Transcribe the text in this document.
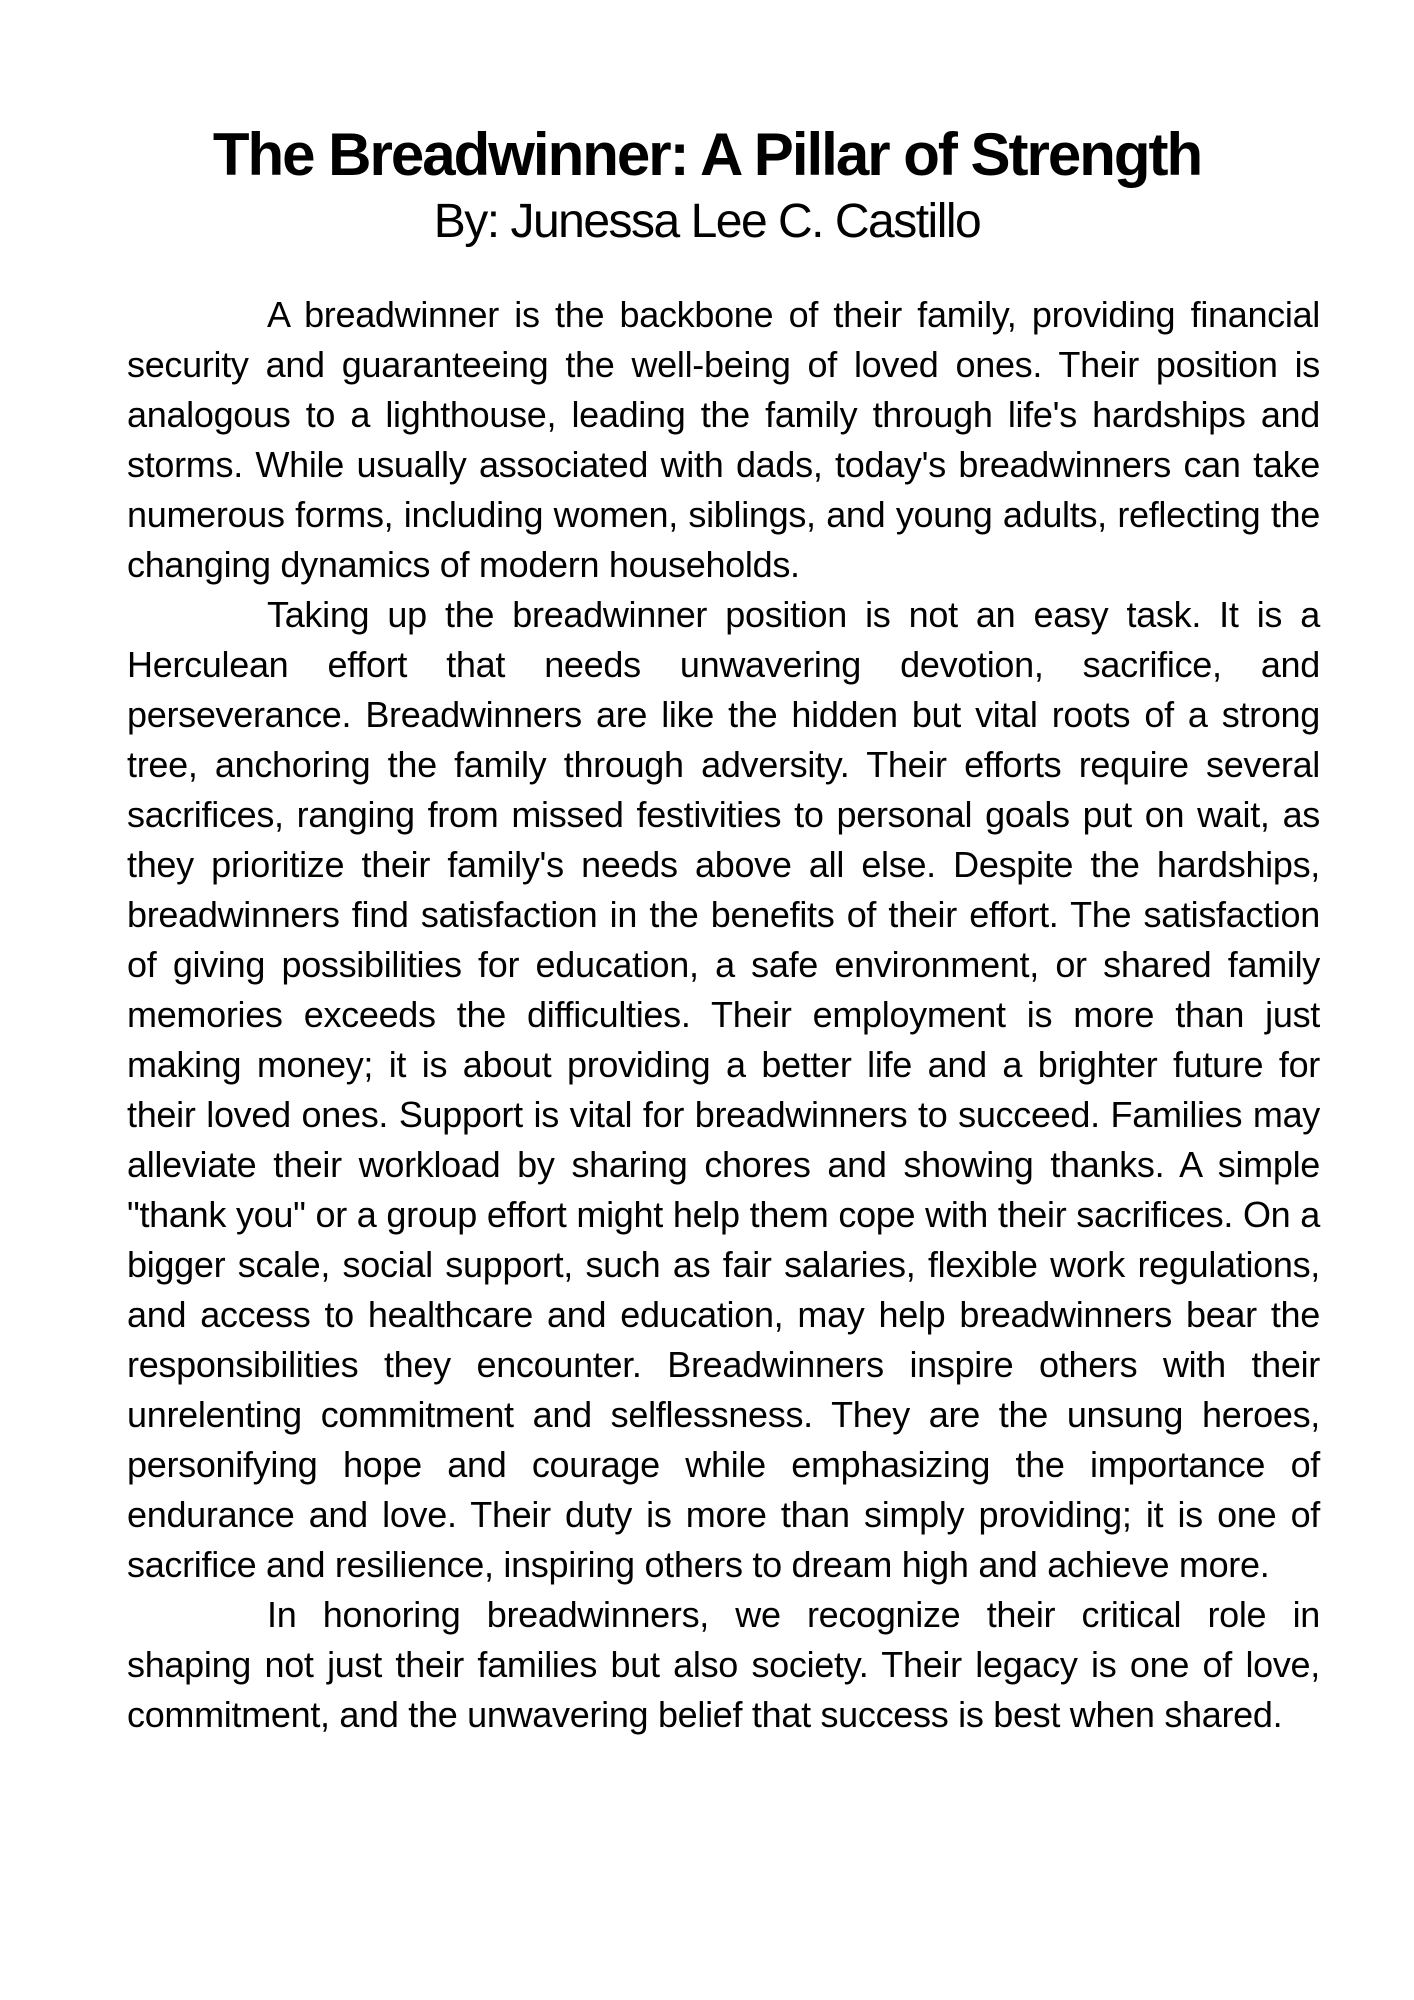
The Breadwinner: A Pillar of Strength
By: Junessa Lee C. Castillo

A breadwinner is the backbone of their family, providing financial security and guaranteeing the well-being of loved ones. Their position is analogous to a lighthouse, leading the family through life's hardships and storms. While usually associated with dads, today's breadwinners can take numerous forms, including women, siblings, and young adults, reflecting the changing dynamics of modern households.

Taking up the breadwinner position is not an easy task. It is a Herculean effort that needs unwavering devotion, sacrifice, and perseverance. Breadwinners are like the hidden but vital roots of a strong tree, anchoring the family through adversity. Their efforts require several sacrifices, ranging from missed festivities to personal goals put on wait, as they prioritize their family's needs above all else. Despite the hardships, breadwinners find satisfaction in the benefits of their effort. The satisfaction of giving possibilities for education, a safe environment, or shared family memories exceeds the difficulties. Their employment is more than just making money; it is about providing a better life and a brighter future for their loved ones. Support is vital for breadwinners to succeed. Families may alleviate their workload by sharing chores and showing thanks. A simple "thank you" or a group effort might help them cope with their sacrifices. On a bigger scale, social support, such as fair salaries, flexible work regulations, and access to healthcare and education, may help breadwinners bear the responsibilities they encounter. Breadwinners inspire others with their unrelenting commitment and selflessness. They are the unsung heroes, personifying hope and courage while emphasizing the importance of endurance and love. Their duty is more than simply providing; it is one of sacrifice and resilience, inspiring others to dream high and achieve more.

In honoring breadwinners, we recognize their critical role in shaping not just their families but also society. Their legacy is one of love, commitment, and the unwavering belief that success is best when shared.
